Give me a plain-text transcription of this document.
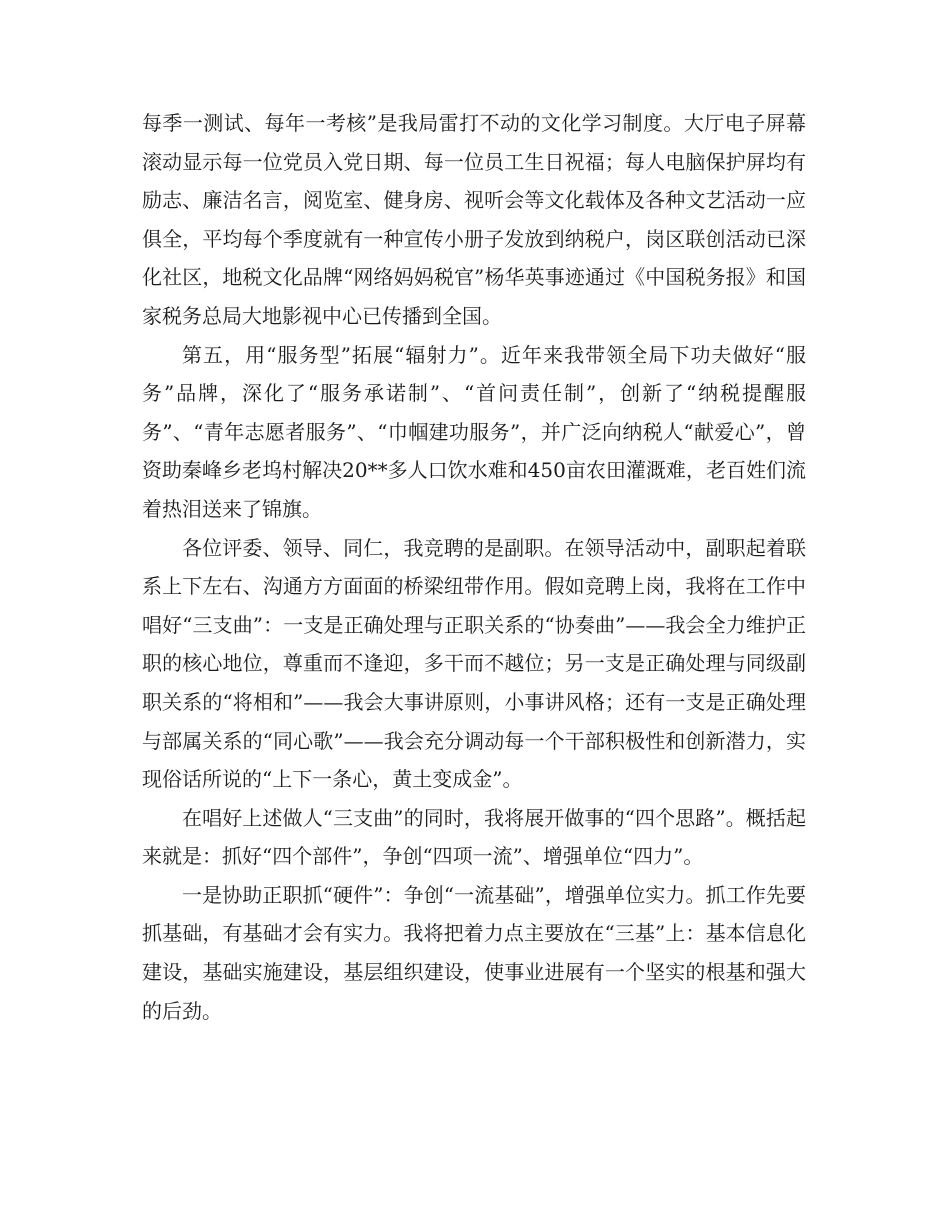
每季一测试、每年一考核”是我局雷打不动的文化学习制度。大厅电子屏幕滚动显示每一位党员入党日期、每一位员工生日祝福；每人电脑保护屏均有励志、廉洁名言，阅览室、健身房、视听会等文化载体及各种文艺活动一应俱全，平均每个季度就有一种宣传小册子发放到纳税户，岗区联创活动已深化社区，地税文化品牌“网络妈妈税官”杨华英事迹通过《中国税务报》和国家税务总局大地影视中心已传播到全国。

第五，用“服务型”拓展“辐射力”。近年来我带领全局下功夫做好“服务”品牌，深化了“服务承诺制”、“首问责任制”，创新了“纳税提醒服务”、“青年志愿者服务”、“巾帼建功服务”，并广泛向纳税人“献爱心”，曾资助秦峰乡老坞村解决20**多人口饮水难和450亩农田灌溉难，老百姓们流着热泪送来了锦旗。

各位评委、领导、同仁，我竞聘的是副职。在领导活动中，副职起着联系上下左右、沟通方方面面的桥梁纽带作用。假如竞聘上岗，我将在工作中唱好“三支曲”：一支是正确处理与正职关系的“协奏曲”——我会全力维护正职的核心地位，尊重而不逢迎，多干而不越位；另一支是正确处理与同级副职关系的“将相和”——我会大事讲原则，小事讲风格；还有一支是正确处理与部属关系的“同心歌”——我会充分调动每一个干部积极性和创新潜力，实现俗话所说的“上下一条心，黄土变成金”。

在唱好上述做人“三支曲”的同时，我将展开做事的“四个思路”。概括起来就是：抓好“四个部件”，争创“四项一流”、增强单位“四力”。

一是协助正职抓“硬件”：争创“一流基础”，增强单位实力。抓工作先要抓基础，有基础才会有实力。我将把着力点主要放在“三基”上：基本信息化建设，基础实施建设，基层组织建设，使事业进展有一个坚实的根基和强大的后劲。
